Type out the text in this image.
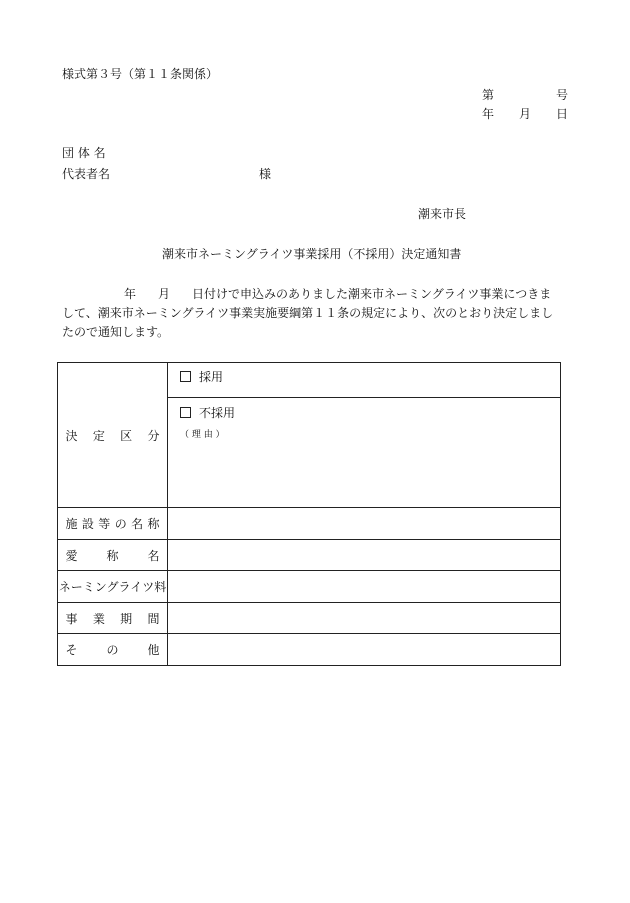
様式第３号（第１１条関係）
第	号
年 月 日
団 体 名
代表者名	様
潮来市長
潮来市ネーミングライツ事業採用（不採用）決定通知書
年 月 日付けで申込みのありました潮来市ネーミングライツ事業につきま
して、潮来市ネーミングライツ事業実施要綱第１１条の規定により、次のとおり決定しまし
たので通知します。
決定区分	採用

	不採用
（ 理 由 ）

施設等の名称	
愛称名	
ネーミングライツ料	
事業期間	
その他	
